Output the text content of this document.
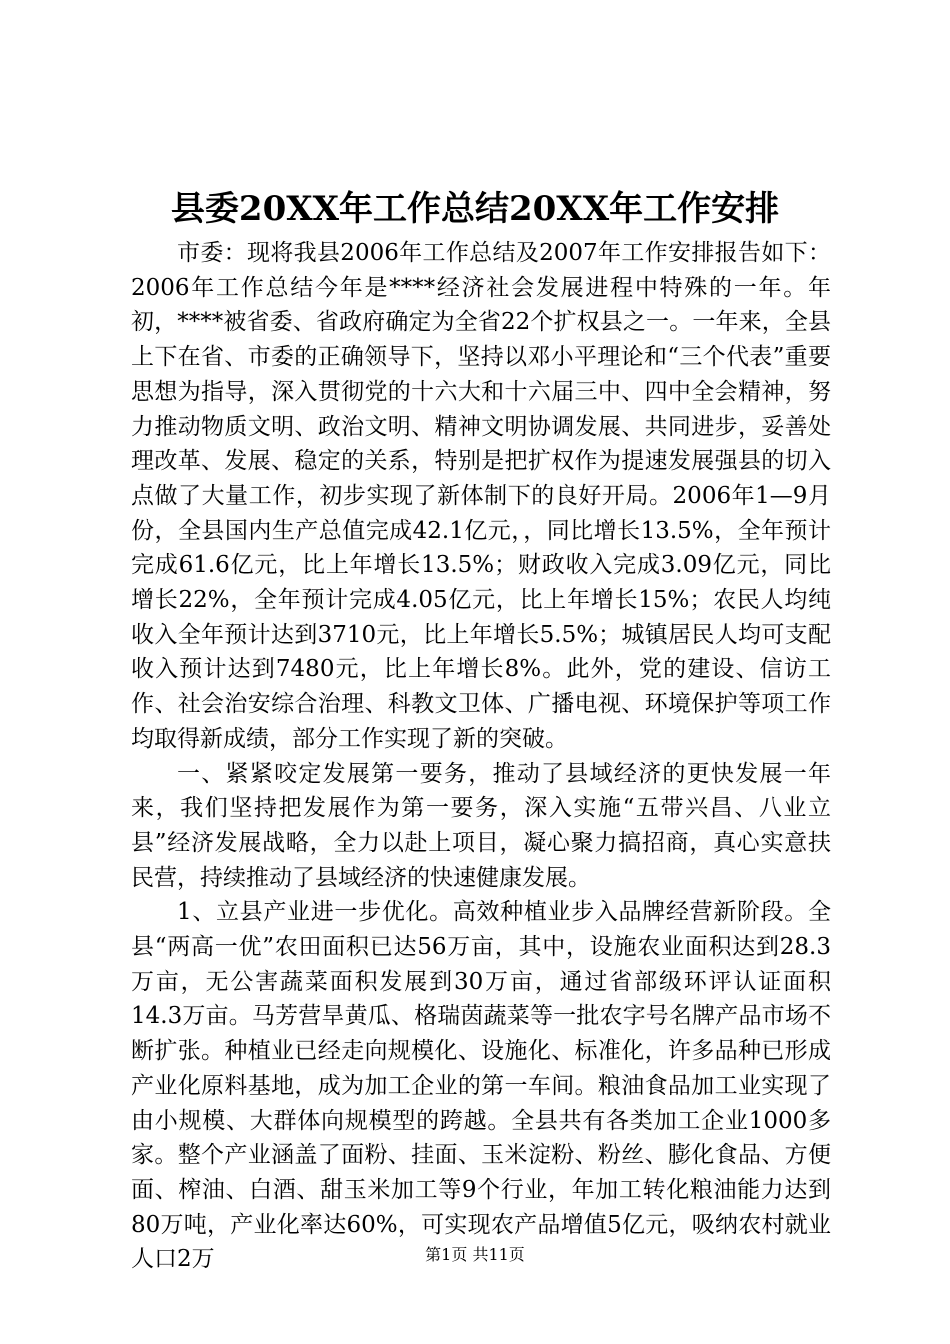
县委20XX年工作总结20XX年工作安排

市委：现将我县2006年工作总结及2007年工作安排报告如下：2006年工作总结今年是****经济社会发展进程中特殊的一年。年初，****被省委、省政府确定为全省22个扩权县之一。一年来，全县上下在省、市委的正确领导下，坚持以邓小平理论和“三个代表”重要思想为指导，深入贯彻党的十六大和十六届三中、四中全会精神，努力推动物质文明、政治文明、精神文明协调发展、共同进步，妥善处理改革、发展、稳定的关系，特别是把扩权作为提速发展强县的切入点做了大量工作，初步实现了新体制下的良好开局。2006年1—9月份，全县国内生产总值完成42.1亿元，，同比增长13.5%，全年预计完成61.6亿元，比上年增长13.5%；财政收入完成3.09亿元，同比增长22%，全年预计完成4.05亿元，比上年增长15%；农民人均纯收入全年预计达到3710元，比上年增长5.5%；城镇居民人均可支配收入预计达到7480元，比上年增长8%。此外，党的建设、信访工作、社会治安综合治理、科教文卫体、广播电视、环境保护等项工作均取得新成绩，部分工作实现了新的突破。

一、紧紧咬定发展第一要务，推动了县域经济的更快发展一年来，我们坚持把发展作为第一要务，深入实施“五带兴昌、八业立县”经济发展战略，全力以赴上项目，凝心聚力搞招商，真心实意扶民营，持续推动了县域经济的快速健康发展。

1、立县产业进一步优化。高效种植业步入品牌经营新阶段。全县“两高一优”农田面积已达56万亩，其中，设施农业面积达到28.3万亩，无公害蔬菜面积发展到30万亩，通过省部级环评认证面积14.3万亩。马芳营旱黄瓜、格瑞茵蔬菜等一批农字号名牌产品市场不断扩张。种植业已经走向规模化、设施化、标准化，许多品种已形成产业化原料基地，成为加工企业的第一车间。粮油食品加工业实现了由小规模、大群体向规模型的跨越。全县共有各类加工企业1000多家。整个产业涵盖了面粉、挂面、玉米淀粉、粉丝、膨化食品、方便面、榨油、白酒、甜玉米加工等9个行业，年加工转化粮油能力达到80万吨，产业化率达60%，可实现农产品增值5亿元，吸纳农村就业人口2万	第1页 共11页
